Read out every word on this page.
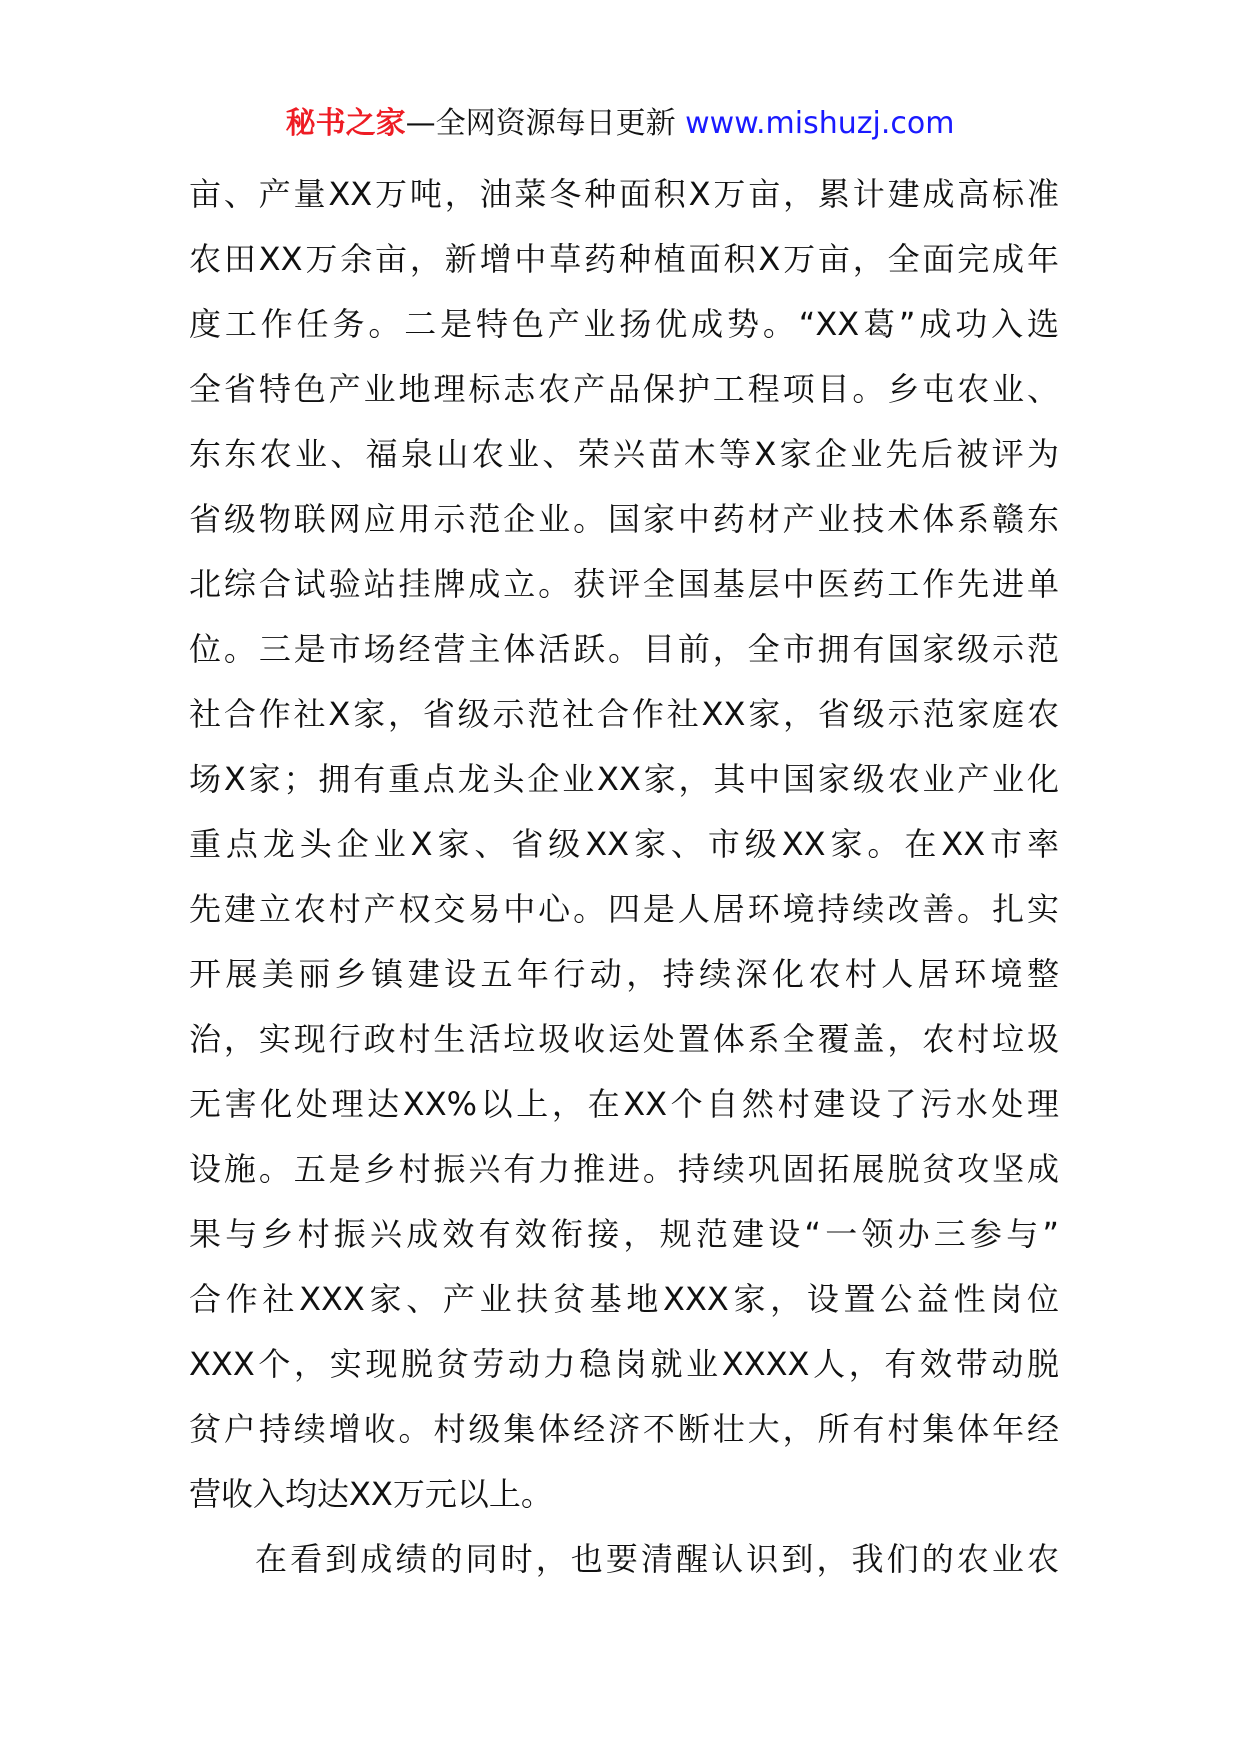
秘书之家—全网资源每日更新 www.mishuzj.com
亩、产量XX万吨，油菜冬种面积X万亩，累计建成高标准
农田XX万余亩，新增中草药种植面积X万亩，全面完成年
度工作任务。二是特色产业扬优成势。“XX葛”成功入选
全省特色产业地理标志农产品保护工程项目。乡屯农业、
东东农业、福泉山农业、荣兴苗木等X家企业先后被评为
省级物联网应用示范企业。国家中药材产业技术体系赣东
北综合试验站挂牌成立。获评全国基层中医药工作先进单
位。三是市场经营主体活跃。目前，全市拥有国家级示范
社合作社X家，省级示范社合作社XX家，省级示范家庭农
场X家；拥有重点龙头企业XX家，其中国家级农业产业化
重点龙头企业X家、省级XX家、市级XX家。在XX市率
先建立农村产权交易中心。四是人居环境持续改善。扎实
开展美丽乡镇建设五年行动，持续深化农村人居环境整
治，实现行政村生活垃圾收运处置体系全覆盖，农村垃圾
无害化处理达XX%以上，在XX个自然村建设了污水处理
设施。五是乡村振兴有力推进。持续巩固拓展脱贫攻坚成
果与乡村振兴成效有效衔接，规范建设“一领办三参与”
合作社XXX家、产业扶贫基地XXX家，设置公益性岗位
XXX个，实现脱贫劳动力稳岗就业XXXX人，有效带动脱
贫户持续增收。村级集体经济不断壮大，所有村集体年经
营收入均达XX万元以上。
在看到成绩的同时，也要清醒认识到，我们的农业农
